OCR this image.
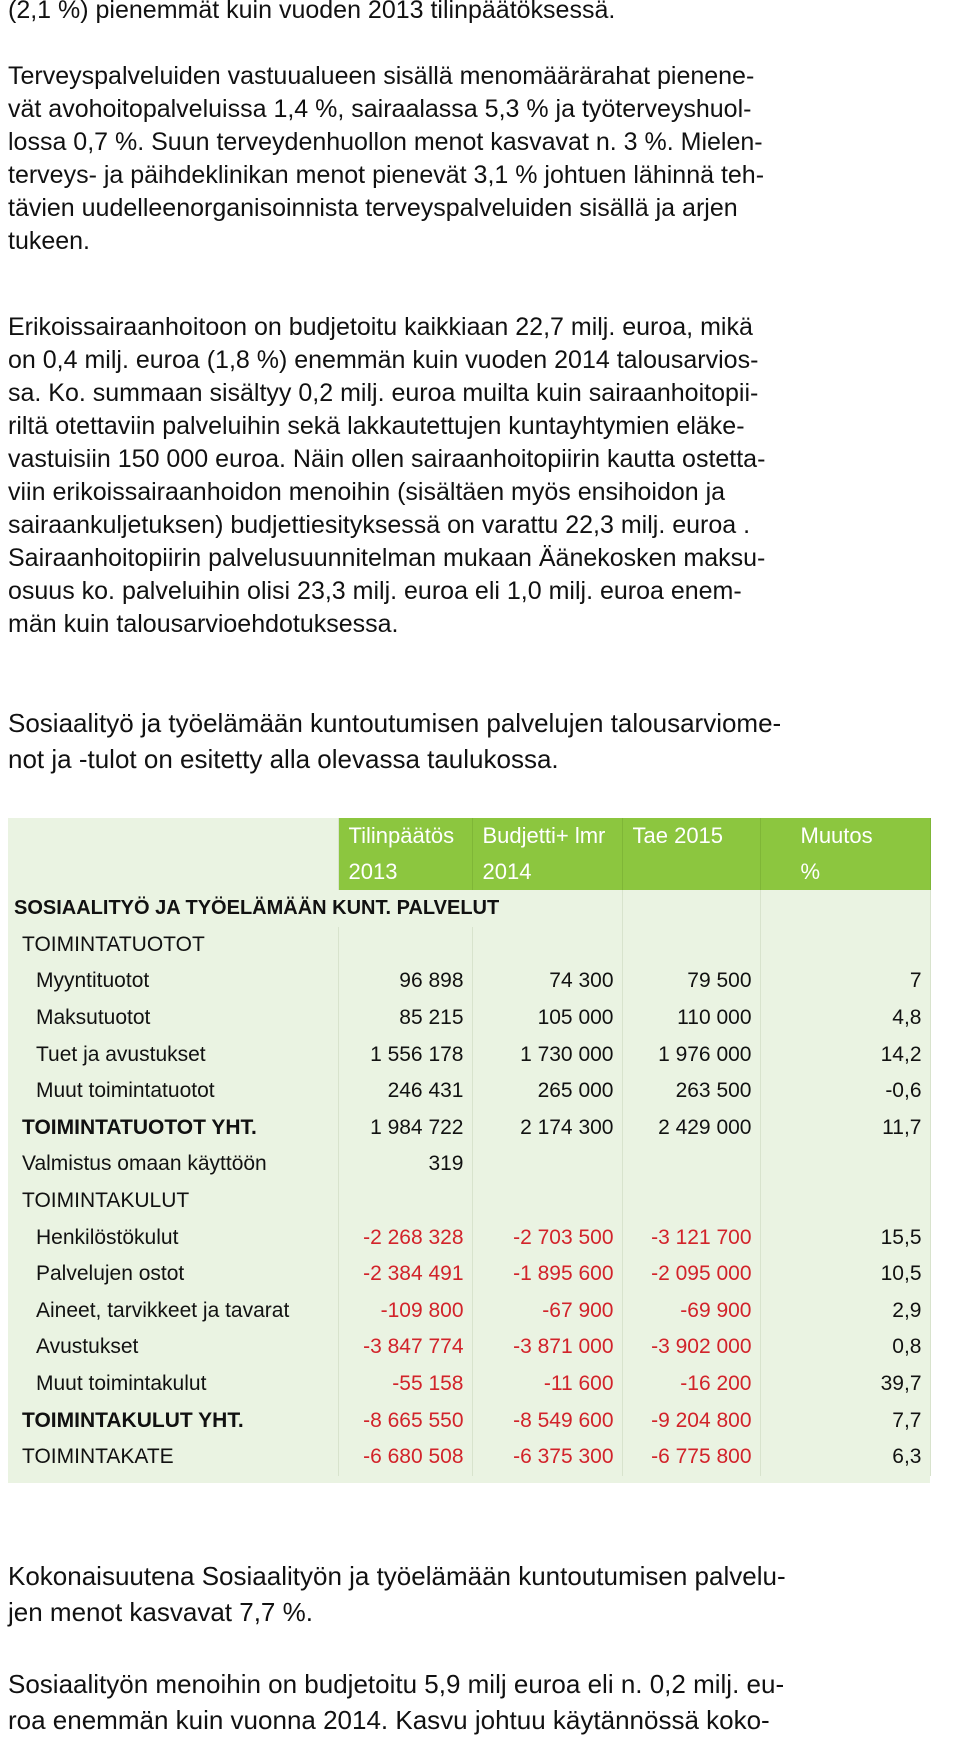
(2,1 %) pienemmät kuin vuoden 2013 tilinpäätöksessä.
Terveyspalveluiden vastuualueen sisällä menomäärärahat pienene-
vät avohoitopalveluissa 1,4 %, sairaalassa 5,3 % ja työterveyshuol-
lossa 0,7 %. Suun terveydenhuollon menot kasvavat n. 3 %. Mielen-
terveys- ja päihdeklinikan menot pienevät 3,1 % johtuen lähinnä teh-
tävien uudelleenorganisoinnista terveyspalveluiden sisällä ja arjen
tukeen.
Erikoissairaanhoitoon on budjetoitu kaikkiaan 22,7 milj. euroa, mikä
on 0,4 milj. euroa (1,8 %) enemmän kuin vuoden 2014 talousarvios-
sa. Ko. summaan sisältyy 0,2 milj. euroa muilta kuin sairaanhoitopii-
riltä otettaviin palveluihin sekä lakkautettujen kuntayhtymien eläke-
vastuisiin 150 000 euroa. Näin ollen sairaanhoitopiirin kautta ostetta-
viin erikoissairaanhoidon menoihin (sisältäen myös ensihoidon ja
sairaankuljetuksen) budjettiesityksessä on varattu 22,3 milj. euroa .
Sairaanhoitopiirin palvelusuunnitelman mukaan Äänekosken maksu-
osuus ko. palveluihin olisi 23,3 milj. euroa eli 1,0 milj. euroa enem-
män kuin talousarvioehdotuksessa.
Sosiaalityö ja työelämään kuntoutumisen palvelujen talousarviome-
not ja -tulot on esitetty alla olevassa taulukossa.
	Tilinpäätös	Budjetti+ lmr	Tae 2015	Muutos
	2013	2014		%
SOSIAALITYÖ JA TYÖELÄMÄÄN KUNT. PALVELUT				
TOIMINTATUOTOT				
Myyntituotot	96 898	74 300	79 500	7
Maksutuotot	85 215	105 000	110 000	4,8
Tuet ja avustukset	1 556 178	1 730 000	1 976 000	14,2
Muut toimintatuotot	246 431	265 000	263 500	-0,6
TOIMINTATUOTOT YHT.	1 984 722	2 174 300	2 429 000	11,7
Valmistus omaan käyttöön	319			
TOIMINTAKULUT				
Henkilöstökulut	-2 268 328	-2 703 500	-3 121 700	15,5
Palvelujen ostot	-2 384 491	-1 895 600	-2 095 000	10,5
Aineet, tarvikkeet ja tavarat	-109 800	-67 900	-69 900	2,9
Avustukset	-3 847 774	-3 871 000	-3 902 000	0,8
Muut toimintakulut	-55 158	-11 600	-16 200	39,7
TOIMINTAKULUT YHT.	-8 665 550	-8 549 600	-9 204 800	7,7
TOIMINTAKATE	-6 680 508	-6 375 300	-6 775 800	6,3
Kokonaisuutena Sosiaalityön ja työelämään kuntoutumisen palvelu-
jen menot kasvavat 7,7 %.
Sosiaalityön menoihin on budjetoitu 5,9 milj euroa eli n. 0,2 milj. eu-
roa enemmän kuin vuonna 2014. Kasvu johtuu käytännössä koko-
